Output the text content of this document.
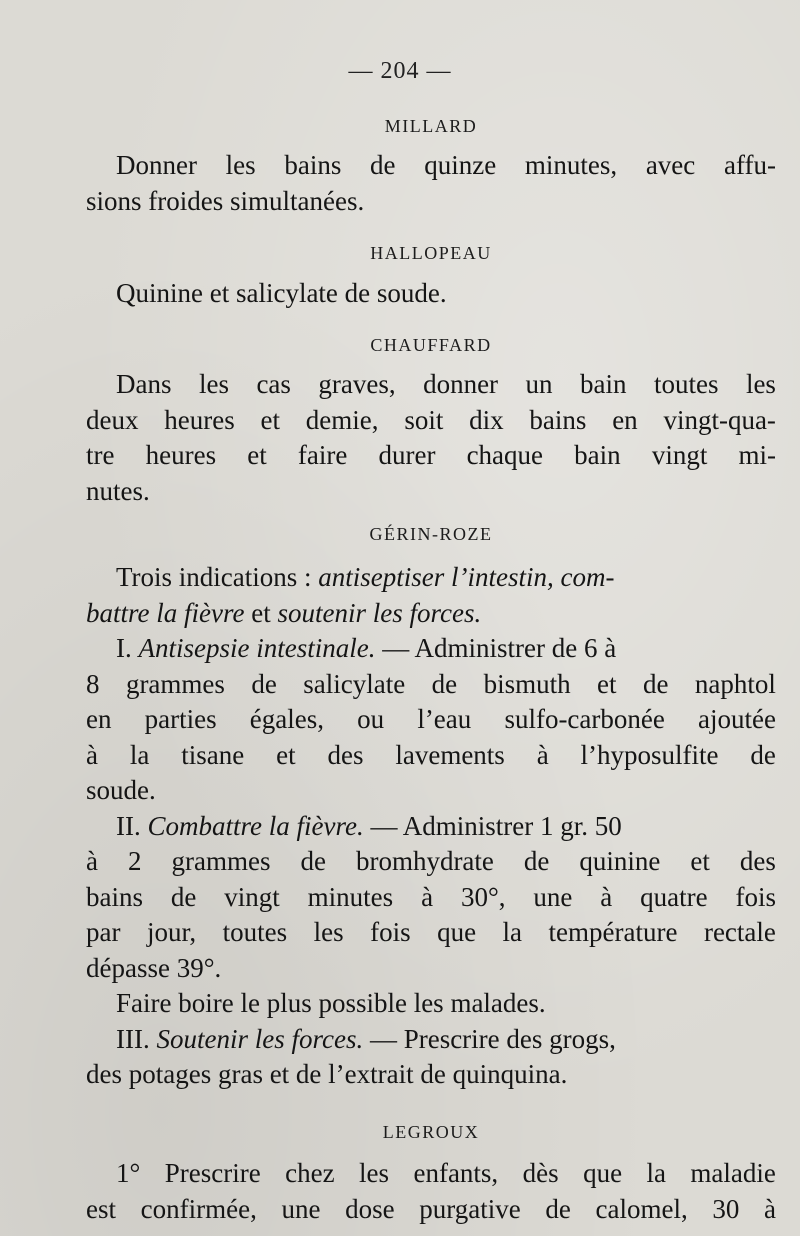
— 204 —
MILLARD
Donner les bains de quinze minutes, avec affu-
sions froides simultanées.
HALLOPEAU
Quinine et salicylate de soude.
CHAUFFARD
Dans les cas graves, donner un bain toutes les
deux heures et demie, soit dix bains en vingt-qua-
tre heures et faire durer chaque bain vingt mi-
nutes.
GÉRIN-ROZE
Trois indications : antiseptiser l’intestin, com-
battre la fièvre et soutenir les forces.
I. Antisepsie intestinale. — Administrer de 6 à
8 grammes de salicylate de bismuth et de naphtol
en parties égales, ou l’eau sulfo-carbonée ajoutée
à la tisane et des lavements à l’hyposulfite de
soude.
II. Combattre la fièvre. — Administrer 1 gr. 50
à 2 grammes de bromhydrate de quinine et des
bains de vingt minutes à 30°, une à quatre fois
par jour, toutes les fois que la température rectale
dépasse 39°.
Faire boire le plus possible les malades.
III. Soutenir les forces. — Prescrire des grogs,
des potages gras et de l’extrait de quinquina.
LEGROUX
1° Prescrire chez les enfants, dès que la maladie
est confirmée, une dose purgative de calomel, 30 à
